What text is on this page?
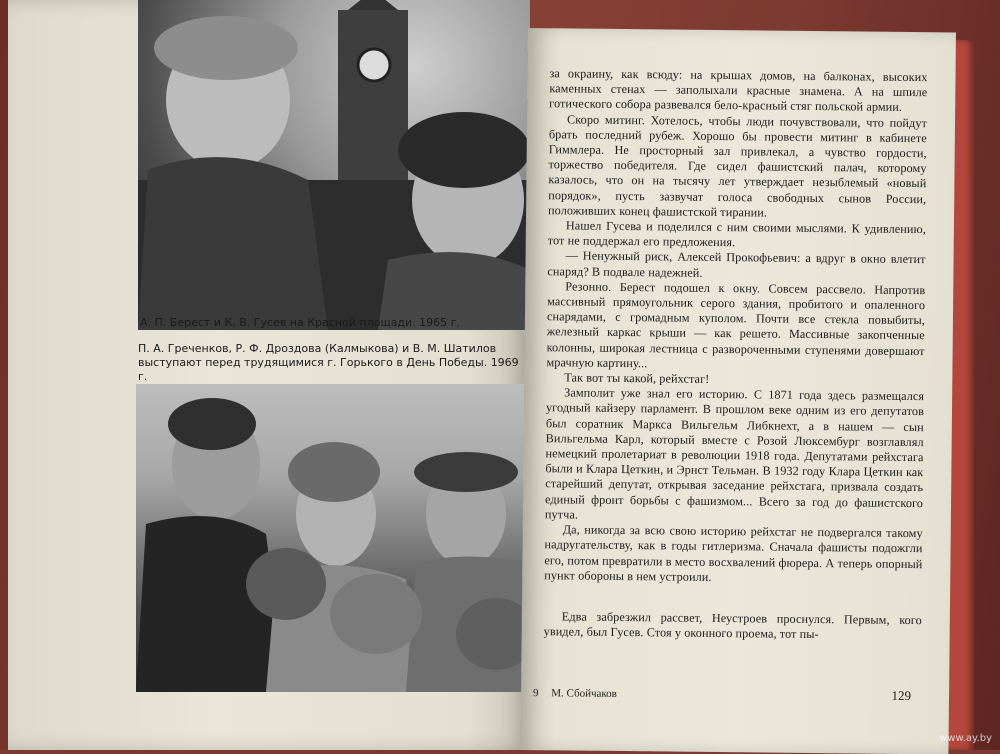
А. П. Берест и К. В. Гусев на Красной площади. 1965 г.
П. А. Греченков, Р. Ф. Дроздова (Калмыкова) и В. М. Шатилов выступают перед трудящимися г. Горького в День Победы. 1969 г.

за окраину, как всюду: на крышах домов, на балконах, высоких каменных стенах — заполыхали красные знамена. А на шпиле готического собора развевался бело-красный стяг польской армии.

Скоро митинг. Хотелось, чтобы люди почувствовали, что пойдут брать последний рубеж. Хорошо бы провести митинг в кабинете Гиммлера. Не просторный зал привлекал, а чувство гордости, торжество победителя. Где сидел фашистский палач, которому казалось, что он на тысячу лет утверждает незыблемый «новый порядок», пусть зазвучат голоса свободных сынов России, положивших конец фашистской тирании.

Нашел Гусева и поделился с ним своими мыслями. К удивлению, тот не поддержал его предложения.

— Ненужный риск, Алексей Прокофьевич: а вдруг в окно влетит снаряд? В подвале надежней.

Резонно. Берест подошел к окну. Совсем рассвело. Напротив массивный прямоугольник серого здания, пробитого и опаленного снарядами, с громадным куполом. Почти все стекла повыбиты, железный каркас крыши — как решето. Массивные закопченные колонны, широкая лестница с развороченными ступенями довершают мрачную картину...

Так вот ты какой, рейхстаг!

Замполит уже знал его историю. С 1871 года здесь размещался угодный кайзеру парламент. В прошлом веке одним из его депутатов был соратник Маркса Вильгельм Либкнехт, а в нашем — сын Вильгельма Карл, который вместе с Розой Люксембург возглавлял немецкий пролетариат в революции 1918 года. Депутатами рейхстага были и Клара Цеткин, и Эрнст Тельман. В 1932 году Клара Цеткин как старейший депутат, открывая заседание рейхстага, призвала создать единый фронт борьбы с фашизмом... Всего за год до фашистского путча.

Да, никогда за всю свою историю рейхстаг не подвергался такому надругательству, как в годы гитлеризма. Сначала фашисты подожгли его, потом превратили в место восхвалений фюрера. А теперь опорный пункт обороны в нем устроили.

Едва забрезжил рассвет, Неустроев проснулся. Первым, кого увидел, был Гусев. Стоя у оконного проема, тот пы-

9 М. Сбойчаков	129
www.ay.by
